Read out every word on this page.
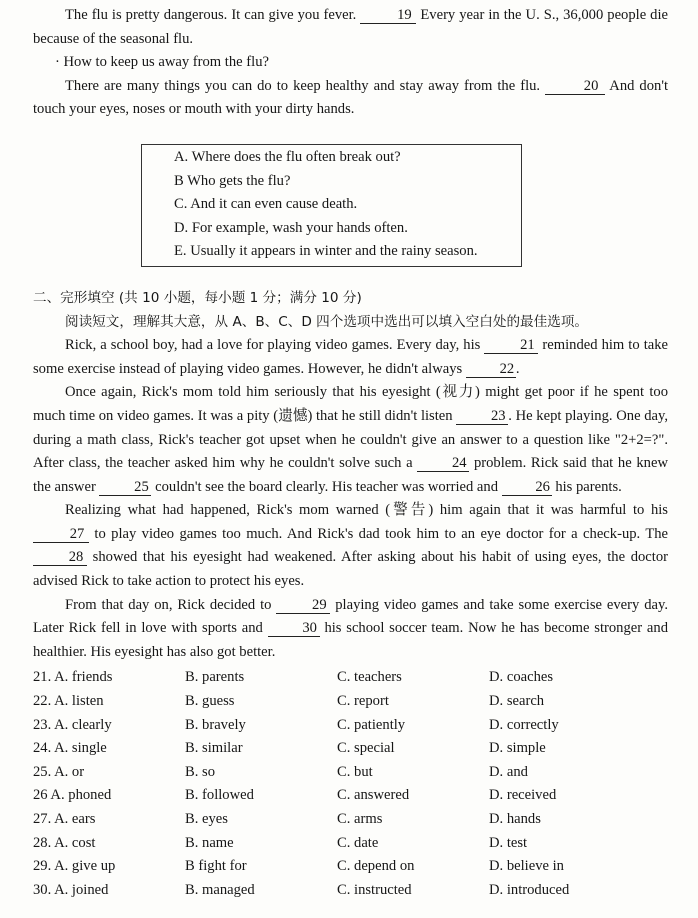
The flu is pretty dangerous. It can give you fever.	19 Every year in the U. S., 36,000 people die because of the seasonal flu.

· How to keep us away from the flu?

There are many things you can do to keep healthy and stay away from the flu.	20 And don't touch your eyes, noses or mouth with your dirty hands.

A. Where does the flu often break out?
B Who gets the flu?
C. And it can even cause death.
D. For example, wash your hands often.
E. Usually it appears in winter and the rainy season.

二、完形填空 (共 10 小题，每小题 1 分；满分 10 分)

阅读短文，理解其大意，从 A、B、C、D 四个选项中选出可以填入空白处的最佳选项。

Rick, a school boy, had a love for playing video games. Every day, his	21 reminded him to take some exercise instead of playing video games. However, he didn't always	22 .

Once again, Rick's mom told him seriously that his eyesight (视力) might get poor if he spent too much time on video games. It was a pity (遗憾) that he still didn't listen	23 . He kept playing. One day, during a math class, Rick's teacher got upset when he couldn't give an answer to a question like "2+2=?". After class, the teacher asked him why he couldn't solve such a	24 problem. Rick said that he knew the answer	25 couldn't see the board clearly. His teacher was worried and	26 his parents.

Realizing what had happened, Rick's mom warned (警告) him again that it was harmful to his 27 to play video games too much. And Rick's dad took him to an eye doctor for a check-up. The 28 showed that his eyesight had weakened. After asking about his habit of using eyes, the doctor advised Rick to take action to protect his eyes.

From that day on, Rick decided to	29 playing video games and take some exercise every day. Later Rick fell in love with sports and	30 his school soccer team. Now he has become stronger and healthier. His eyesight has also got better.

21. A. friends	B. parents	C. teachers	D. coaches
22. A. listen	B. guess	C. report	D. search
23. A. clearly	B. bravely	C. patiently	D. correctly
24. A. single	B. similar	C. special	D. simple
25. A. or	B. so	C. but	D. and
26 A. phoned	B. followed	C. answered	D. received
27. A. ears	B. eyes	C. arms	D. hands
28. A. cost	B. name	C. date	D. test
29. A. give up	B fight for	C. depend on	D. believe in
30. A. joined	B. managed	C. instructed	D. introduced
